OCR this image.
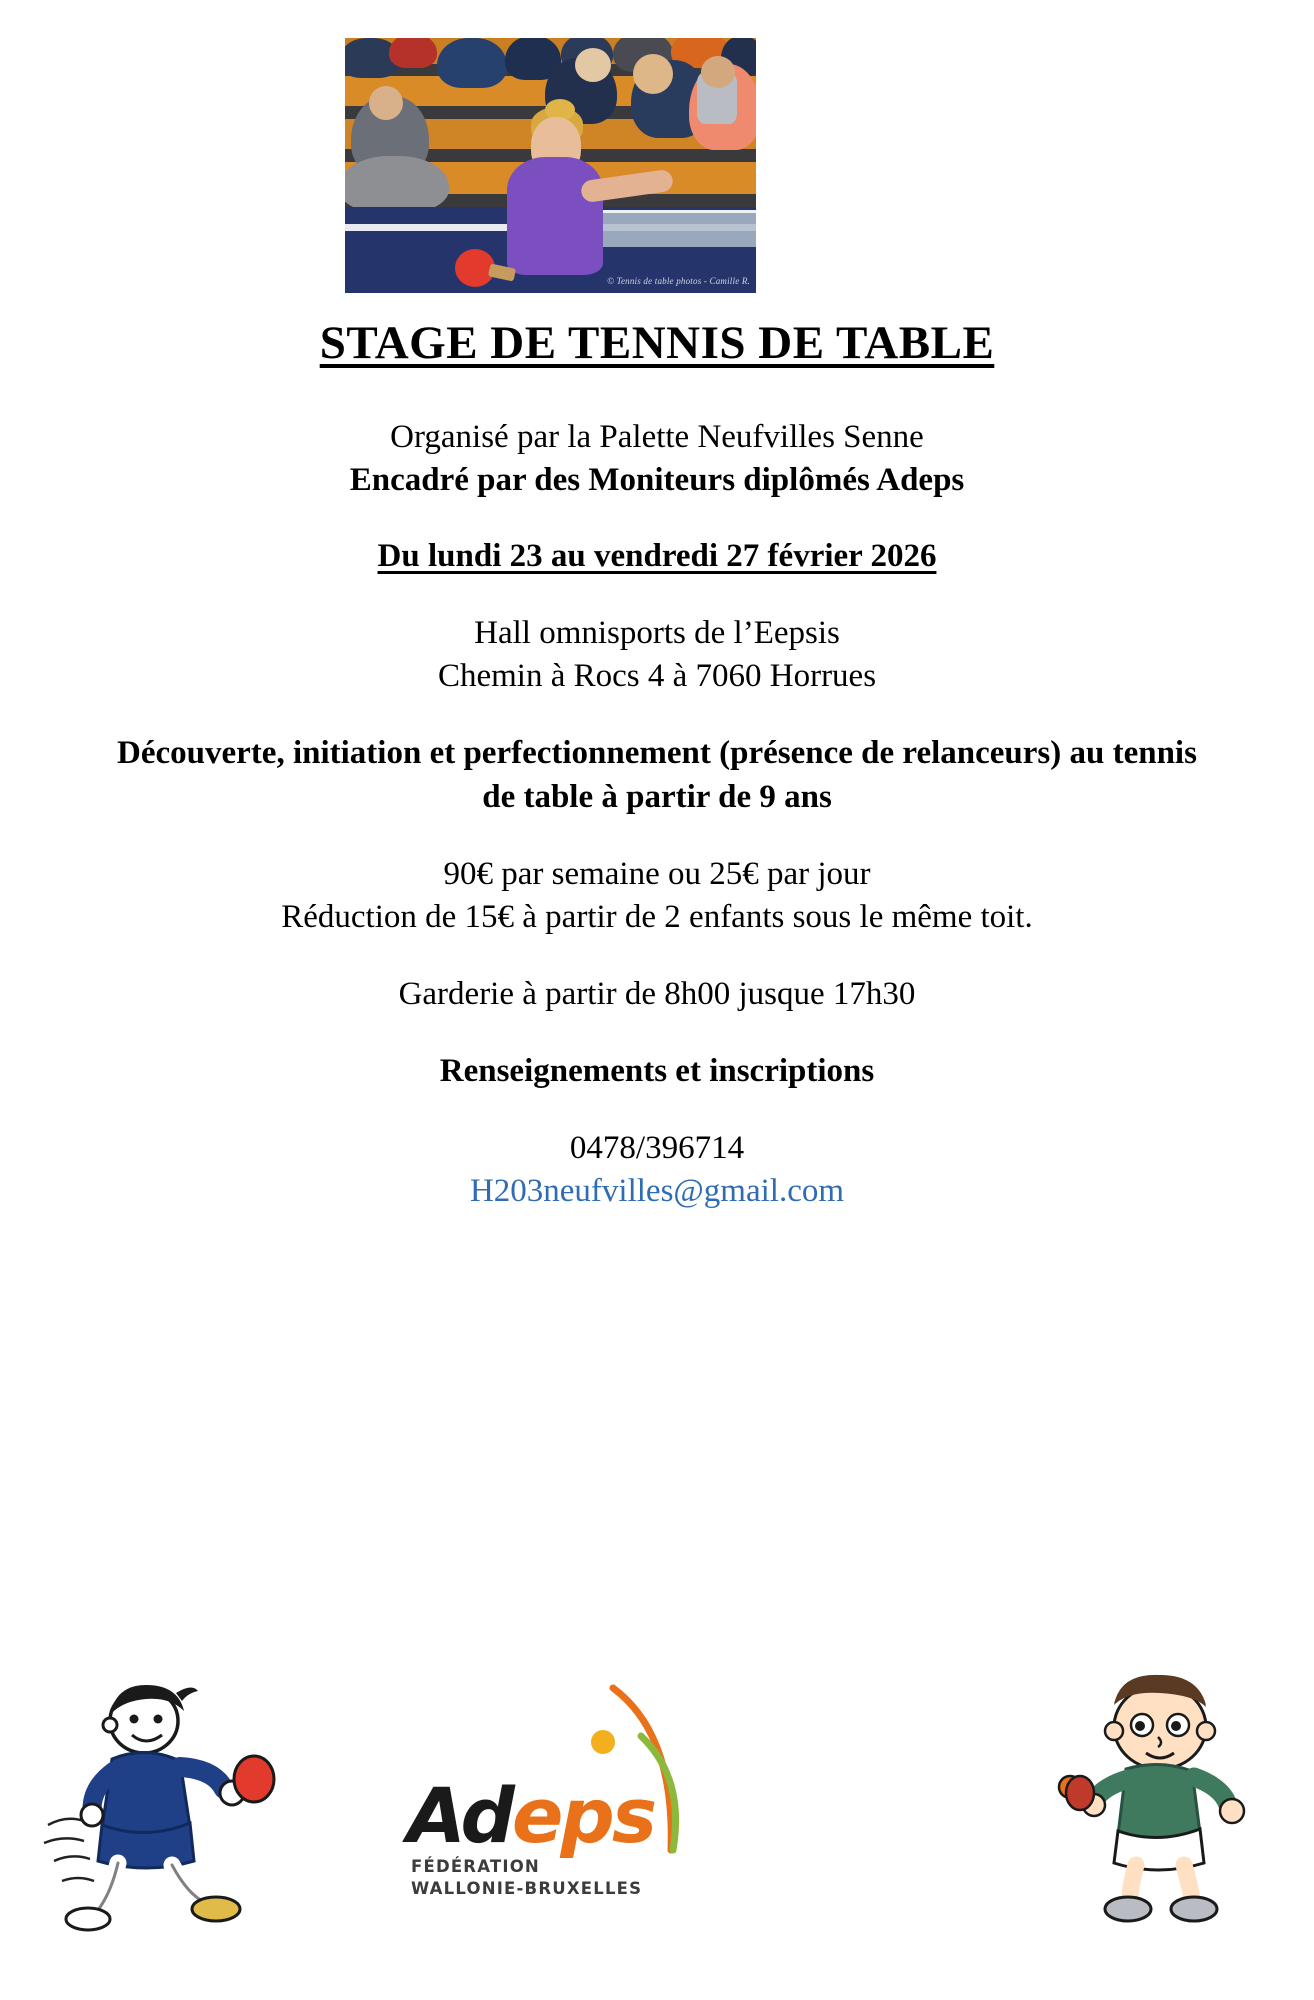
© Tennis de table photos - Camille R.
STAGE DE TENNIS DE TABLE

Organisé par la Palette Neufvilles Senne

Encadré par des Moniteurs diplômés Adeps

Du lundi 23 au vendredi 27 février 2026

Hall omnisports de l’Eepsis

Chemin à Rocs 4 à 7060 Horrues

Découverte, initiation et perfectionnement (présence de relanceurs) au tennis de table à partir de 9 ans

90€ par semaine ou 25€ par jour

Réduction de 15€ à partir de 2 enfants sous le même toit.

Garderie à partir de 8h00 jusque 17h30

Renseignements et inscriptions

0478/396714

H203neufvilles@gmail.com

Adeps
FÉDÉRATION
WALLONIE-BRUXELLES
